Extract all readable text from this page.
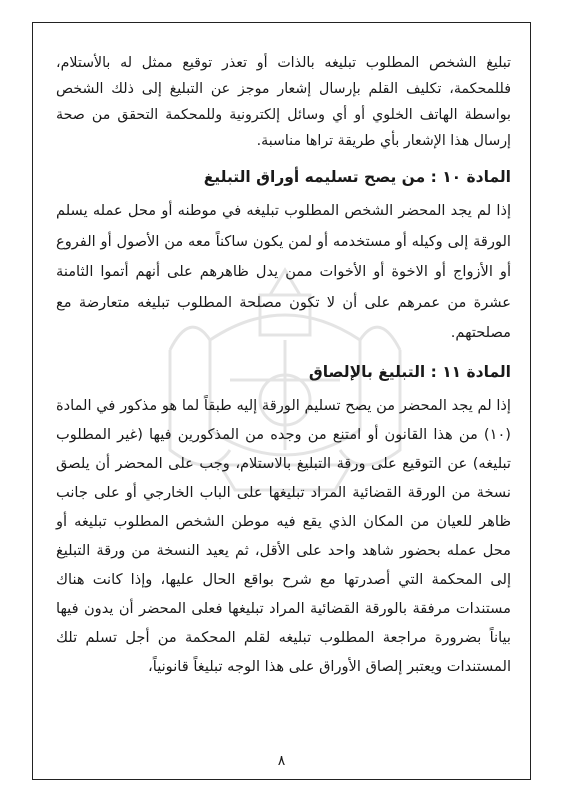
تبليغ الشخص المطلوب تبليغه بالذات أو تعذر توقيع ممثل له بالأستلام، فللمحكمة، تكليف القلم بإرسال إشعار موجز عن التبليغ إلى ذلك الشخص بواسطة الهاتف الخلوي أو أي وسائل إلكترونية وللمحكمة التحقق من صحة إرسال هذا الإشعار بأي طريقة تراها مناسبة.

المادة ١٠ : من يصح تسليمه أوراق التبليغ

إذا لم يجد المحضر الشخص المطلوب تبليغه في موطنه أو محل عمله يسلم الورقة إلى وكيله أو مستخدمه أو لمن يكون ساكناً معه من الأصول أو الفروع أو الأزواج أو الاخوة أو الأخوات ممن يدل ظاهرهم على أنهم أتموا الثامنة عشرة من عمرهم على أن لا تكون مصلحة المطلوب تبليغه متعارضة مع مصلحتهم.

المادة ١١ : التبليغ بالإلصاق

إذا لم يجد المحضر من يصح تسليم الورقة إليه طبقاً لما هو مذكور في المادة (١٠) من هذا القانون أو امتنع من وجده من المذكورين فيها (غير المطلوب تبليغه) عن التوقيع على ورقة التبليغ بالاستلام، وجب على المحضر أن يلصق نسخة من الورقة القضائية المراد تبليغها على الباب الخارجي أو على جانب ظاهر للعيان من المكان الذي يقع فيه موطن الشخص المطلوب تبليغه أو محل عمله بحضور شاهد واحد على الأقل، ثم يعيد النسخة من ورقة التبليغ إلى المحكمة التي أصدرتها مع شرح بواقع الحال عليها، وإذا كانت هناك مستندات مرفقة بالورقة القضائية المراد تبليغها فعلى المحضر أن يدون فيها بياناً بضرورة مراجعة المطلوب تبليغه لقلم المحكمة من أجل تسلم تلك المستندات ويعتبر إلصاق الأوراق على هذا الوجه تبليغاً قانونياً،

٨
